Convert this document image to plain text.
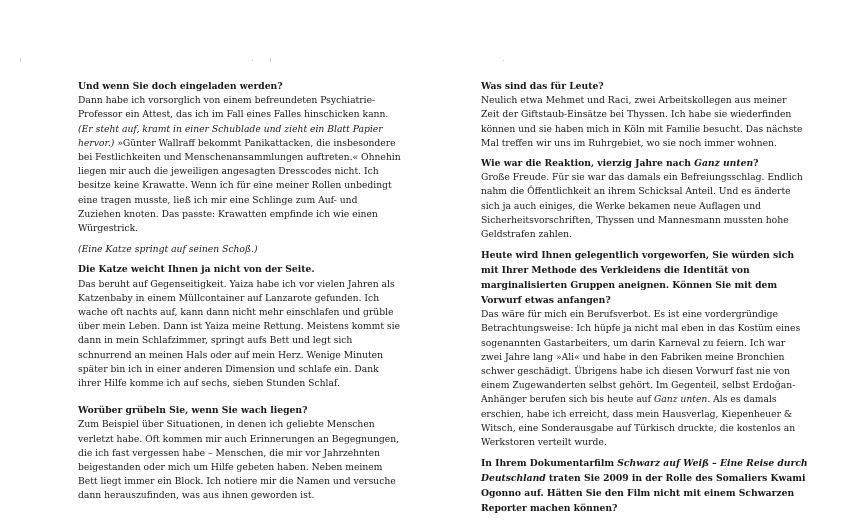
Und wenn Sie doch eingeladen werden?

Dann habe ich vorsorglich von einem befreundeten Psychiatrie-
Professor ein Attest, das ich im Fall eines Falles hinschicken kann.
(Er steht auf, kramt in einer Schublade und zieht ein Blatt Papier
hervor.) »Günter Wallraff bekommt Panikattacken, die insbesondere
bei Festlichkeiten und Menschenansammlungen auftreten.« Ohnehin
liegen mir auch die jeweiligen angesagten Dresscodes nicht. Ich
besitze keine Krawatte. Wenn ich für eine meiner Rollen unbedingt
eine tragen musste, ließ ich mir eine Schlinge zum Auf- und
Zuziehen knoten. Das passte: Krawatten empfinde ich wie einen
Würgestrick.

(Eine Katze springt auf seinen Schoß.)

Die Katze weicht Ihnen ja nicht von der Seite.

Das beruht auf Gegenseitigkeit. Yaiza habe ich vor vielen Jahren als
Katzenbaby in einem Müllcontainer auf Lanzarote gefunden. Ich
wache oft nachts auf, kann dann nicht mehr einschlafen und grüble
über mein Leben. Dann ist Yaiza meine Rettung. Meistens kommt sie
dann in mein Schlafzimmer, springt aufs Bett und legt sich
schnurrend an meinen Hals oder auf mein Herz. Wenige Minuten
später bin ich in einer anderen Dimension und schlafe ein. Dank
ihrer Hilfe komme ich auf sechs, sieben Stunden Schlaf.

Worüber grübeln Sie, wenn Sie wach liegen?

Zum Beispiel über Situationen, in denen ich geliebte Menschen
verletzt habe. Oft kommen mir auch Erinnerungen an Begegnungen,
die ich fast vergessen habe – Menschen, die mir vor Jahrzehnten
beigestanden oder mich um Hilfe gebeten haben. Neben meinem
Bett liegt immer ein Block. Ich notiere mir die Namen und versuche
dann herauszufinden, was aus ihnen geworden ist.

Was sind das für Leute?

Neulich etwa Mehmet und Raci, zwei Arbeitskollegen aus meiner
Zeit der Giftstaub-Einsätze bei Thyssen. Ich habe sie wiederfinden
können und sie haben mich in Köln mit Familie besucht. Das nächste
Mal treffen wir uns im Ruhrgebiet, wo sie noch immer wohnen.

Wie war die Reaktion, vierzig Jahre nach Ganz unten?

Große Freude. Für sie war das damals ein Befreiungsschlag. Endlich
nahm die Öffentlichkeit an ihrem Schicksal Anteil. Und es änderte
sich ja auch einiges, die Werke bekamen neue Auflagen und
Sicherheitsvorschriften, Thyssen und Mannesmann mussten hohe
Geldstrafen zahlen.

Heute wird Ihnen gelegentlich vorgeworfen, Sie würden sich
mit Ihrer Methode des Verkleidens die Identität von
marginalisierten Gruppen aneignen. Können Sie mit dem
Vorwurf etwas anfangen?

Das wäre für mich ein Berufsverbot. Es ist eine vordergründige
Betrachtungsweise: Ich hüpfe ja nicht mal eben in das Kostüm eines
sogenannten Gastarbeiters, um darin Karneval zu feiern. Ich war
zwei Jahre lang »Ali« und habe in den Fabriken meine Bronchien
schwer geschädigt. Übrigens habe ich diesen Vorwurf fast nie von
einem Zugewanderten selbst gehört. Im Gegenteil, selbst Erdoğan-
Anhänger berufen sich bis heute auf Ganz unten. Als es damals
erschien, habe ich erreicht, dass mein Hausverlag, Kiepenheuer &
Witsch, eine Sonderausgabe auf Türkisch druckte, die kostenlos an
Werkstoren verteilt wurde.

In Ihrem Dokumentarfilm Schwarz auf Weiß – Eine Reise durch
Deutschland traten Sie 2009 in der Rolle des Somaliers Kwami
Ogonno auf. Hätten Sie den Film nicht mit einem Schwarzen
Reporter machen können?
